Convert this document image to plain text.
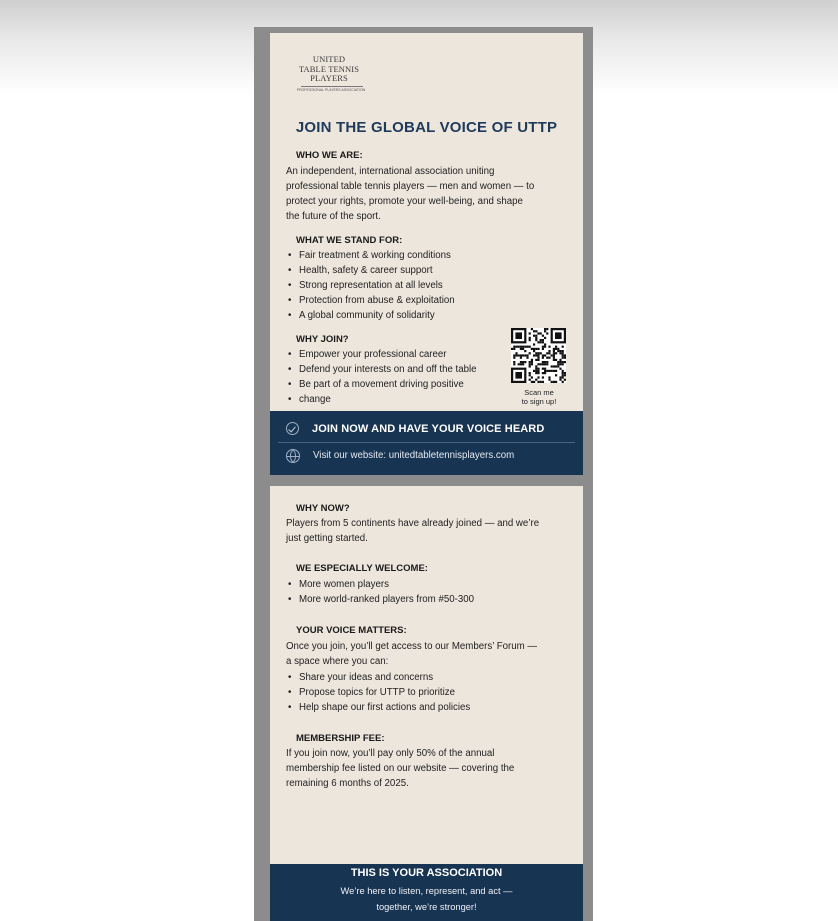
UNITED
TABLE TENNIS
PLAYERS
PROFESSIONAL PLAYERS ASSOCIATION
JOIN THE GLOBAL VOICE OF UTTP
WHO WE ARE:
An independent, international association uniting
professional table tennis players — men and women — to
protect your rights, promote your well-being, and shape
the future of the sport.
WHAT WE STAND FOR:
• Fair treatment & working conditions
• Health, safety & career support
• Strong representation at all levels
• Protection from abuse & exploitation
• A global community of solidarity
WHY JOIN?
• Empower your professional career
• Defend your interests on and off the table
• Be part of a movement driving positive
• change
Scan me
to sign up!
JOIN NOW AND HAVE YOUR VOICE HEARD
Visit our website: unitedtabletennisplayers.com
WHY NOW?
Players from 5 continents have already joined — and we’re
just getting started.
WE ESPECIALLY WELCOME:
• More women players
• More world-ranked players from #50-300
YOUR VOICE MATTERS:
Once you join, you’ll get access to our Members’ Forum —
a space where you can:
• Share your ideas and concerns
• Propose topics for UTTP to prioritize
• Help shape our first actions and policies
MEMBERSHIP FEE:
If you join now, you’ll pay only 50% of the annual
membership fee listed on our website — covering the
remaining 6 months of 2025.
THIS IS YOUR ASSOCIATION
We’re here to listen, represent, and act —
together, we’re stronger!
